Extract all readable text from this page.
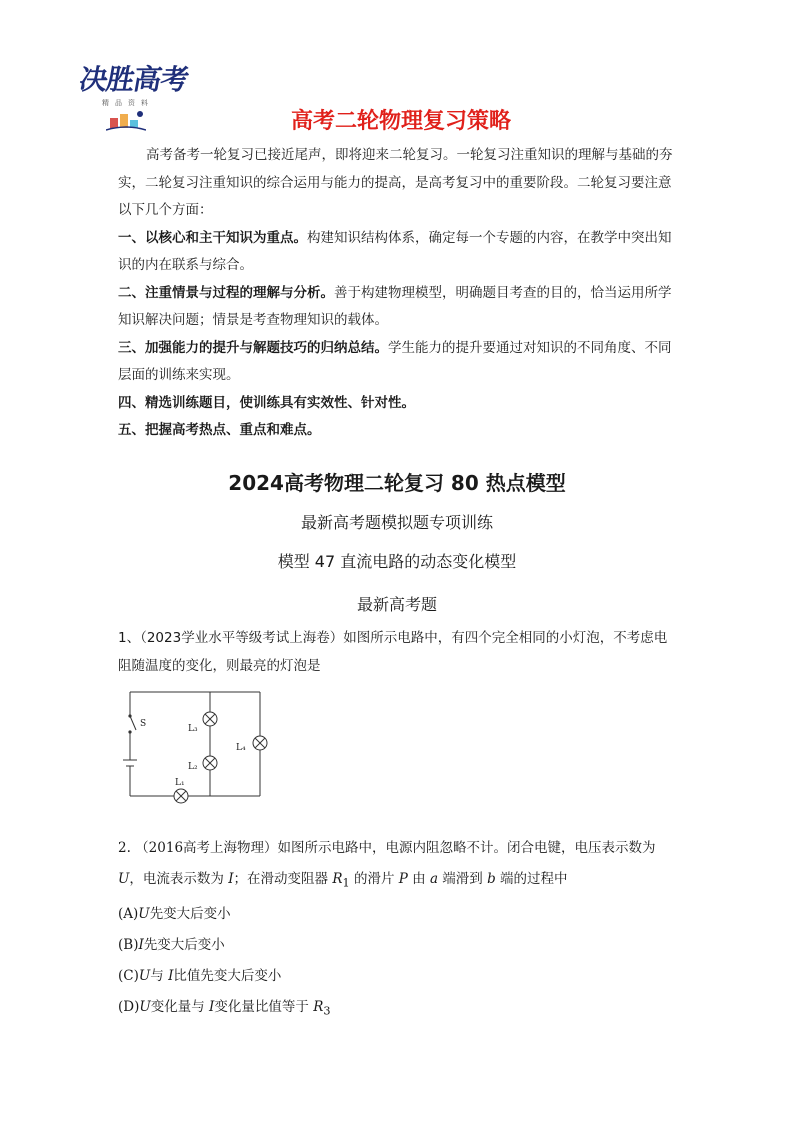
决胜高考
精品资料
高考二轮物理复习策略

高考备考一轮复习已接近尾声，即将迎来二轮复习。一轮复习注重知识的理解与基础的夯实，二轮复习注重知识的综合运用与能力的提高，是高考复习中的重要阶段。二轮复习要注意以下几个方面：

一、以核心和主干知识为重点。构建知识结构体系，确定每一个专题的内容，在教学中突出知识的内在联系与综合。

二、注重情景与过程的理解与分析。善于构建物理模型，明确题目考查的目的，恰当运用所学知识解决问题；情景是考查物理知识的载体。

三、加强能力的提升与解题技巧的归纳总结。学生能力的提升要通过对知识的不同角度、不同层面的训练来实现。

四、精选训练题目，使训练具有实效性、针对性。

五、把握高考热点、重点和难点。

2024高考物理二轮复习 80 热点模型
最新高考题模拟题专项训练
模型 47 直流电路的动态变化模型
最新高考题

1、（2023学业水平等级考试上海卷）如图所示电路中，有四个完全相同的小灯泡，不考虑电阻随温度的变化，则最亮的灯泡是

S	L₃
L₂
L₄
L₁

2. （2016高考上海物理）如图所示电路中，电源内阻忽略不计。闭合电键，电压表示数为

U，电流表示数为 I；在滑动变阻器 $R_1$ 的滑片 P 由 a 端滑到 b 端的过程中

(A)U先变大后变小

(B)I先变大后变小

(C)U与 I比值先变大后变小

(D)U变化量与 I变化量比值等于 $R_3$
